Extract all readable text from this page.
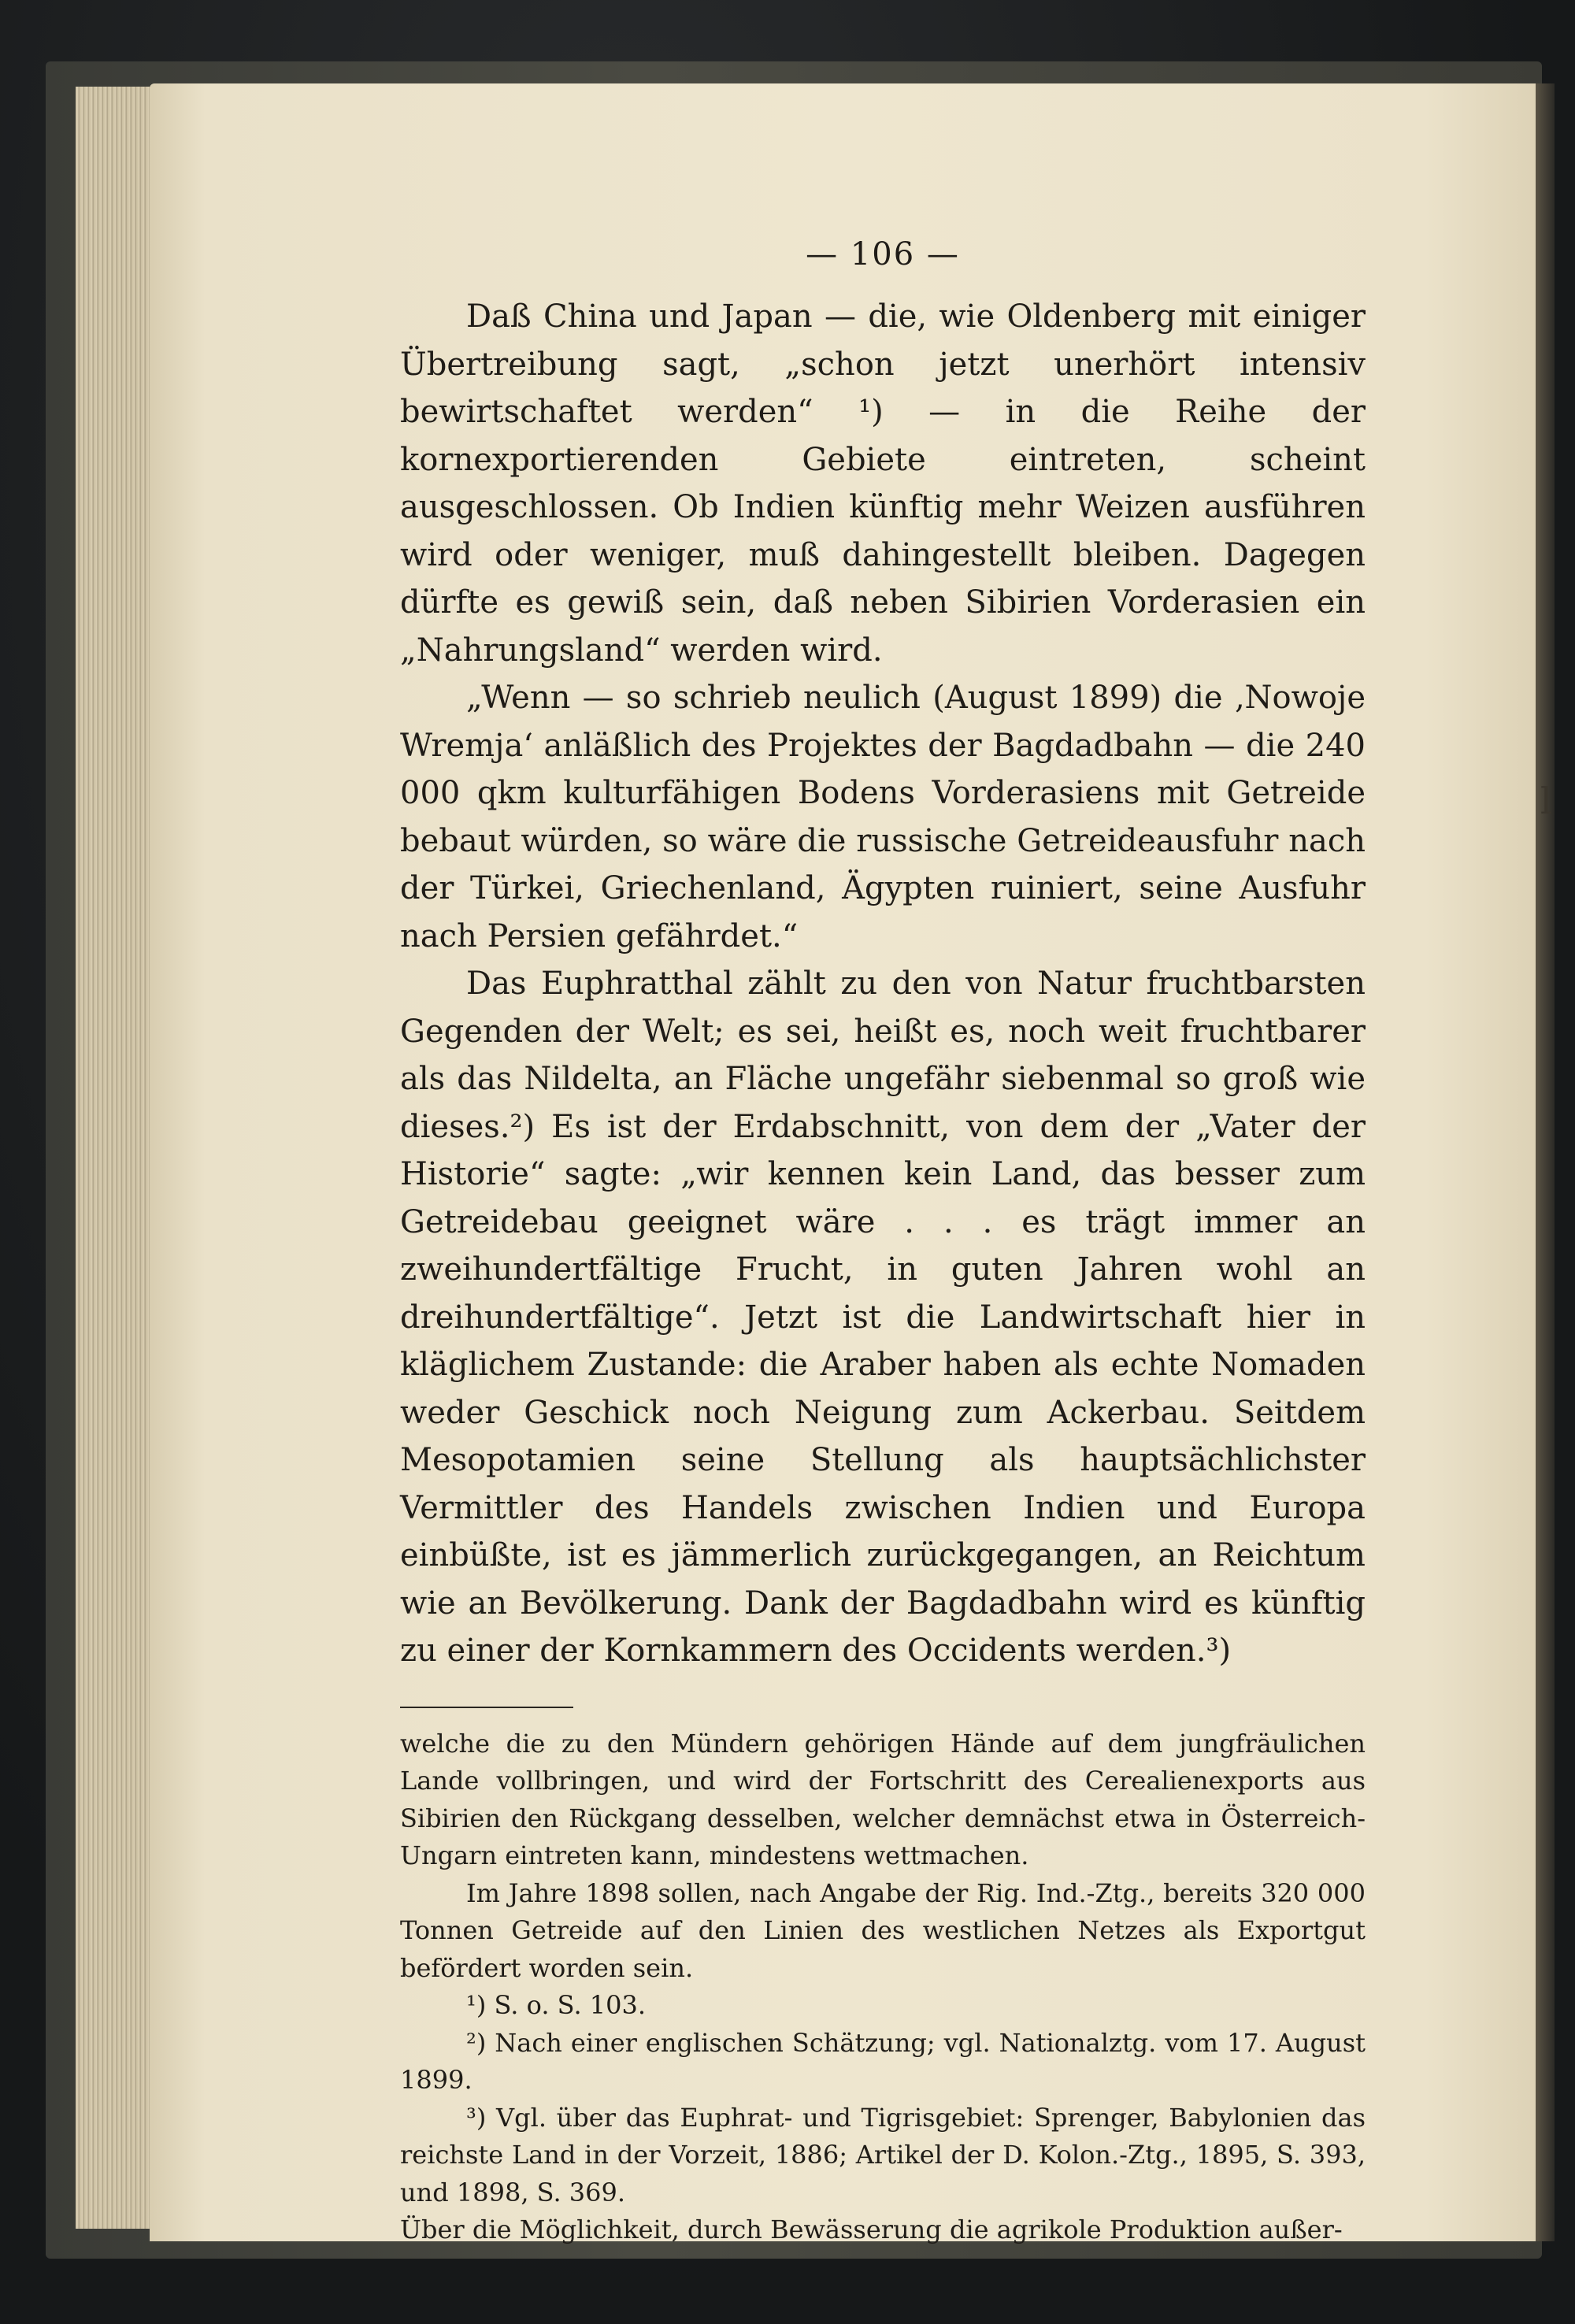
l
— 106 —

Daß China und Japan — die, wie Oldenberg mit einiger Übertreibung sagt, „schon jetzt unerhört intensiv bewirtschaftet werden“ ¹) — in die Reihe der kornexportierenden Gebiete eintreten, scheint ausgeschlossen. Ob Indien künftig mehr Weizen ausführen wird oder weniger, muß dahingestellt bleiben. Dagegen dürfte es gewiß sein, daß neben Sibirien Vorderasien ein „Nahrungsland“ werden wird.

„Wenn — so schrieb neulich (August 1899) die ‚Nowoje Wremja‘ anläßlich des Projektes der Bagdadbahn — die 240 000 qkm kulturfähigen Bodens Vorderasiens mit Getreide bebaut würden, so wäre die russische Getreideausfuhr nach der Türkei, Griechenland, Ägypten ruiniert, seine Ausfuhr nach Persien gefährdet.“

Das Euphratthal zählt zu den von Natur fruchtbarsten Gegenden der Welt; es sei, heißt es, noch weit fruchtbarer als das Nildelta, an Fläche ungefähr siebenmal so groß wie dieses.²) Es ist der Erdabschnitt, von dem der „Vater der Historie“ sagte: „wir kennen kein Land, das besser zum Getreidebau geeignet wäre . . . es trägt immer an zweihundertfältige Frucht, in guten Jahren wohl an dreihundertfältige“. Jetzt ist die Landwirtschaft hier in kläglichem Zustande: die Araber haben als echte Nomaden weder Geschick noch Neigung zum Ackerbau. Seitdem Mesopotamien seine Stellung als hauptsächlichster Vermittler des Handels zwischen Indien und Europa einbüßte, ist es jämmerlich zurückgegangen, an Reichtum wie an Bevölkerung. Dank der Bagdadbahn wird es künftig zu einer der Kornkammern des Occidents werden.³)

welche die zu den Mündern gehörigen Hände auf dem jungfräulichen Lande vollbringen, und wird der Fortschritt des Cerealienexports aus Sibirien den Rückgang desselben, welcher demnächst etwa in Österreich-Ungarn eintreten kann, mindestens wettmachen.

Im Jahre 1898 sollen, nach Angabe der Rig. Ind.-Ztg., bereits 320 000 Tonnen Getreide auf den Linien des westlichen Netzes als Exportgut befördert worden sein.

¹) S. o. S. 103.

²) Nach einer englischen Schätzung; vgl. Nationalztg. vom 17. August 1899.

³) Vgl. über das Euphrat- und Tigrisgebiet: Sprenger, Babylonien das reichste Land in der Vorzeit, 1886; Artikel der D. Kolon.-Ztg., 1895, S. 393, und 1898, S. 369.

Über die Möglichkeit, durch Bewässerung die agrikole Produktion außer-
